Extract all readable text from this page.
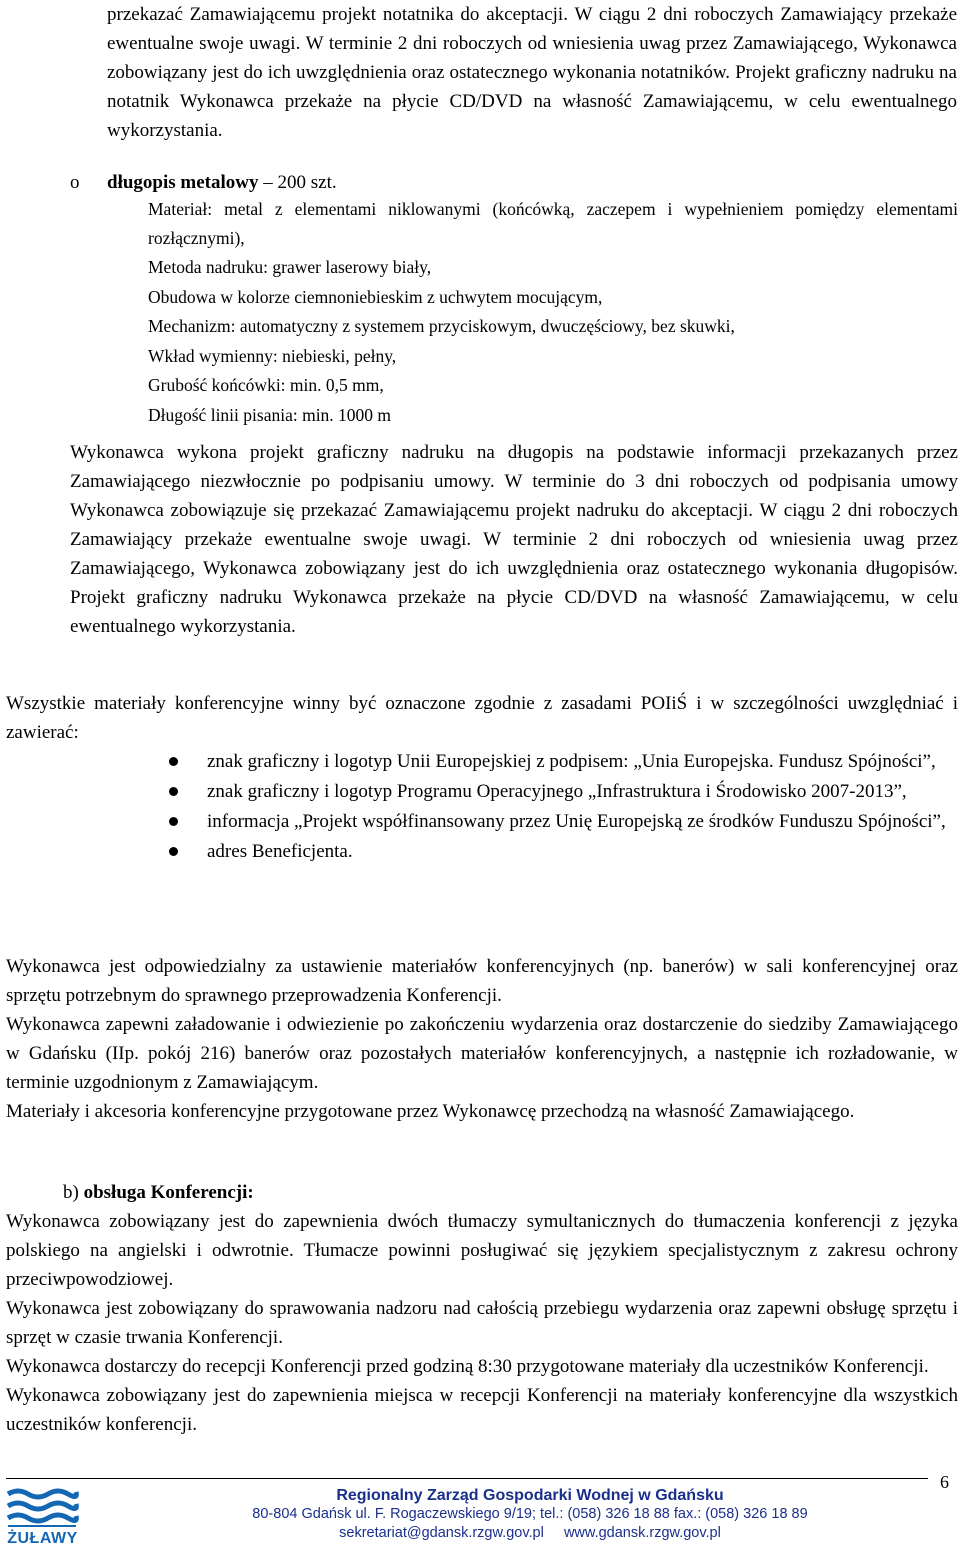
przekazać Zamawiającemu projekt notatnika do akceptacji. W ciągu 2 dni roboczych Zamawiający przekaże ewentualne swoje uwagi. W terminie 2 dni roboczych od wniesienia uwag przez Zamawiającego, Wykonawca zobowiązany jest do ich uwzględnienia oraz ostatecznego wykonania notatników. Projekt graficzny nadruku na notatnik Wykonawca przekaże na płycie CD/DVD na własność Zamawiającemu, w celu ewentualnego wykorzystania.

o długopis metalowy – 200 szt.

Materiał: metal z elementami niklowanymi (końcówką, zaczepem i wypełnieniem pomiędzy elementami rozłącznymi),

Metoda nadruku: grawer laserowy biały,
Obudowa w kolorze ciemnoniebieskim z uchwytem mocującym,
Mechanizm: automatyczny z systemem przyciskowym, dwuczęściowy, bez skuwki,
Wkład wymienny: niebieski, pełny,
Grubość końcówki: min. 0,5 mm,
Długość linii pisania: min. 1000 m

Wykonawca wykona projekt graficzny nadruku na długopis na podstawie informacji przekazanych przez Zamawiającego niezwłocznie po podpisaniu umowy. W terminie do 3 dni roboczych od podpisania umowy Wykonawca zobowiązuje się przekazać Zamawiającemu projekt nadruku do akceptacji. W ciągu 2 dni roboczych Zamawiający przekaże ewentualne swoje uwagi. W terminie 2 dni roboczych od wniesienia uwag przez Zamawiającego, Wykonawca zobowiązany jest do ich uwzględnienia oraz ostatecznego wykonania długopisów. Projekt graficzny nadruku Wykonawca przekaże na płycie CD/DVD na własność Zamawiającemu, w celu ewentualnego wykorzystania.

Wszystkie materiały konferencyjne winny być oznaczone zgodnie z zasadami POIiŚ i w szczególności uwzględniać i zawierać:

znak graficzny i logotyp Unii Europejskiej z podpisem: „Unia Europejska. Fundusz Spójności”,
znak graficzny i logotyp Programu Operacyjnego „Infrastruktura i Środowisko 2007-2013”,
informacja „Projekt współfinansowany przez Unię Europejską ze środków Funduszu Spójności”,
adres Beneficjenta.

Wykonawca jest odpowiedzialny za ustawienie materiałów konferencyjnych (np. banerów) w sali konferencyjnej oraz sprzętu potrzebnym do sprawnego przeprowadzenia Konferencji.

Wykonawca zapewni załadowanie i odwiezienie po zakończeniu wydarzenia oraz dostarczenie do siedziby Zamawiającego w Gdańsku (IIp. pokój 216) banerów oraz pozostałych materiałów konferencyjnych, a następnie ich rozładowanie, w terminie uzgodnionym z Zamawiającym.

Materiały i akcesoria konferencyjne przygotowane przez Wykonawcę przechodzą na własność Zamawiającego.

b) obsługa Konferencji:

Wykonawca zobowiązany jest do zapewnienia dwóch tłumaczy symultanicznych do tłumaczenia konferencji z języka polskiego na angielski i odwrotnie. Tłumacze powinni posługiwać się językiem specjalistycznym z zakresu ochrony przeciwpowodziowej.

Wykonawca jest zobowiązany do sprawowania nadzoru nad całością przebiegu wydarzenia oraz zapewni obsługę sprzętu i sprzęt w czasie trwania Konferencji.

Wykonawca dostarczy do recepcji Konferencji przed godziną 8:30 przygotowane materiały dla uczestników Konferencji.

Wykonawca zobowiązany jest do zapewnienia miejsca w recepcji Konferencji na materiały konferencyjne dla wszystkich uczestników konferencji.

6
ŻUŁAWY
Regionalny Zarząd Gospodarki Wodnej w Gdańsku
80-804 Gdańsk ul. F. Rogaczewskiego 9/19; tel.: (058) 326 18 88 fax.: (058) 326 18 89
sekretariat@gdansk.rzgw.gov.pl     www.gdansk.rzgw.gov.pl
